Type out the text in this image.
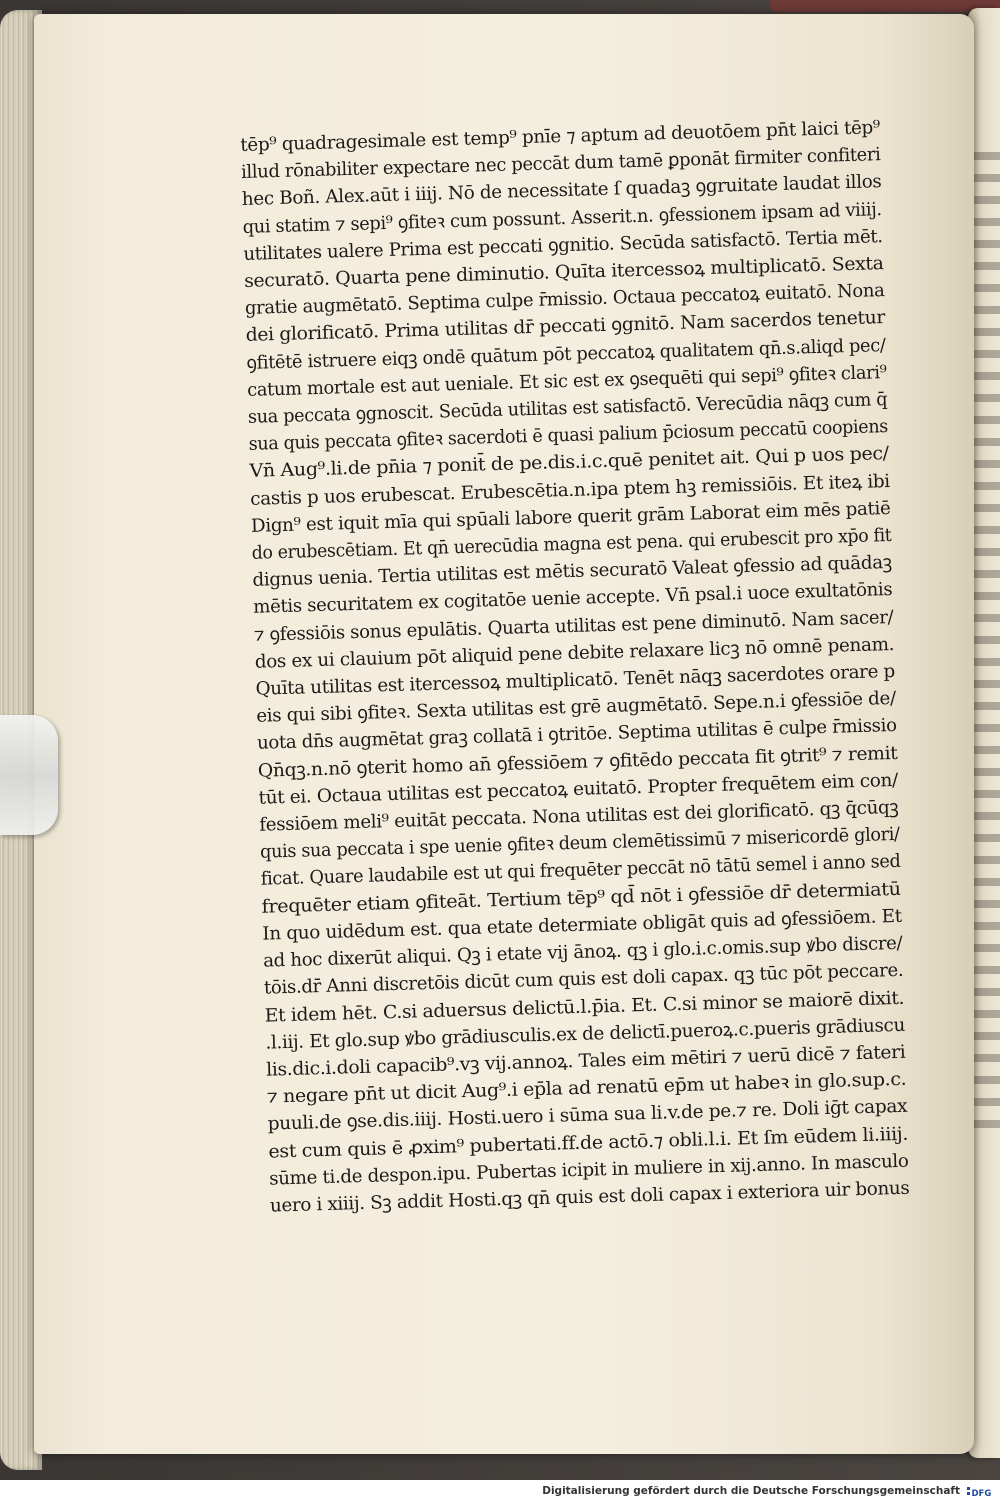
tēp⁹ quadragesimale est temp⁹ pnīe ⁊ aptum ad deuotōem pn̄t laici tēp⁹
illud rōnabiliter expectare nec peccāt dum tamē ꝑponāt firmiter confiteri
hec Boñ. Alex.aūt i iiij. Nō de necessitate ſ quadaꝫ ꝯgruitate laudat illos
qui statim ⁊ sepi⁹ ꝯfiteꝛ cum possunt. Asserit.n. ꝯfessionem ipsam ad viiij.
utilitates ualere Prima est peccati ꝯgnitio. Secūda satisfactō. Tertia mēt.
securatō. Quarta pene diminutio. Quīta itercessoꝝ multiplicatō. Sexta
gratie augmētatō. Septima culpe r̄missio. Octaua peccatoꝝ euitatō. Nona
dei glorificatō. Prima utilitas dr̄ peccati ꝯgnitō. Nam sacerdos tenetur
ꝯfitētē istruere eiqꝫ ondē quātum pōt peccatoꝝ qualitatem qn̄.s.aliqd pec/
catum mortale est aut ueniale. Et sic est ex ꝯsequēti qui sepi⁹ ꝯfiteꝛ clari⁹
sua peccata ꝯgnoscit. Secūda utilitas est satisfactō. Verecūdia nāqꝫ cum q̄
sua quis peccata ꝯfiteꝛ sacerdoti ē quasi palium p̄ciosum peccatū coopiens
Vn̄ Aug⁹.li.de pn̄ia ⁊ ponit̄ de pe.dis.i.c.quē penitet ait. Qui p uos pec/
castis p uos erubescat. Erubescētia.n.ipa ptem hꝫ remissiōis. Et iteꝝ ibi
Dign⁹ est iquit mīa qui spūali labore querit grām Laborat eim mēs patiē
do erubescētiam. Et qn̄ uerecūdia magna est pena. qui erubescit pro xp̄o fit
dignus uenia. Tertia utilitas est mētis securatō Valeat ꝯfessio ad quādaꝫ
mētis securitatem ex cogitatōe uenie accepte. Vn̄ psal.i uoce exultatōnis
⁊ ꝯfessiōis sonus epulātis. Quarta utilitas est pene diminutō. Nam sacer/
dos ex ui clauium pōt aliquid pene debite relaxare licꝫ nō omnē penam.
Quīta utilitas est itercessoꝝ multiplicatō. Tenēt nāqꝫ sacerdotes orare p
eis qui sibi ꝯfiteꝛ. Sexta utilitas est grē augmētatō. Sepe.n.i ꝯfessiōe de/
uota dn̄s augmētat graꝫ collatā i ꝯtritōe. Septima utilitas ē culpe r̄missio
Qn̄qꝫ.n.nō ꝯterit homo an̄ ꝯfessiōem ⁊ ꝯfitēdo peccata fit ꝯtrit⁹ ⁊ remit
tūt ei. Octaua utilitas est peccatoꝝ euitatō. Propter frequētem eim con/
fessiōem meli⁹ euitāt peccata. Nona utilitas est dei glorificatō. qꝫ q̄cūqꝫ
quis sua peccata i spe uenie ꝯfiteꝛ deum clemētissimū ⁊ misericordē glori/
ficat. Quare laudabile est ut qui frequēter peccāt nō tātū semel i anno sed
frequēter etiam ꝯfiteāt. Tertium tēp⁹ qd̄ nōt i ꝯfessiōe dr̄ determiatū
In quo uidēdum est. qua etate determiate obligāt quis ad ꝯfessiōem. Et
ad hoc dixerūt aliqui. Qꝫ i etate vij ānoꝝ. qꝫ i glo.i.c.omis.sup ꝟbo discre/
tōis.dr̄ Anni discretōis dicūt cum quis est doli capax. qꝫ tūc pōt peccare.
Et idem hēt. C.si aduersus delictū.l.p̄ia. Et. C.si minor se maiorē dixit.
.l.iij. Et glo.sup ꝟbo grādiusculis.ex de delictī.pueroꝝ.c.pueris grādiuscu
lis.dic.i.doli capacib⁹.vꝫ vij.annoꝝ. Tales eim mētiri ⁊ uerū dicē ⁊ fateri
⁊ negare pn̄t ut dicit Aug⁹.i ep̄la ad renatū ep̄m ut habeꝛ in glo.sup.c.
puuli.de ꝯse.dis.iiij. Hosti.uero i sūma sua li.v.de pe.⁊ re. Doli iḡt capax
est cum quis ē ꝓxim⁹ pubertati.ff.de actō.⁊ obli.l.i. Et ſm eūdem li.iiij.
sūme ti.de despon.ipu. Pubertas icipit in muliere in xij.anno. In masculo
uero i xiiij. Sꝫ addit Hosti.qꝫ qn̄ quis est doli capax i exteriora uir bonus
Digitalisierung gefördert durch die Deutsche Forschungsgemeinschaft DFG
